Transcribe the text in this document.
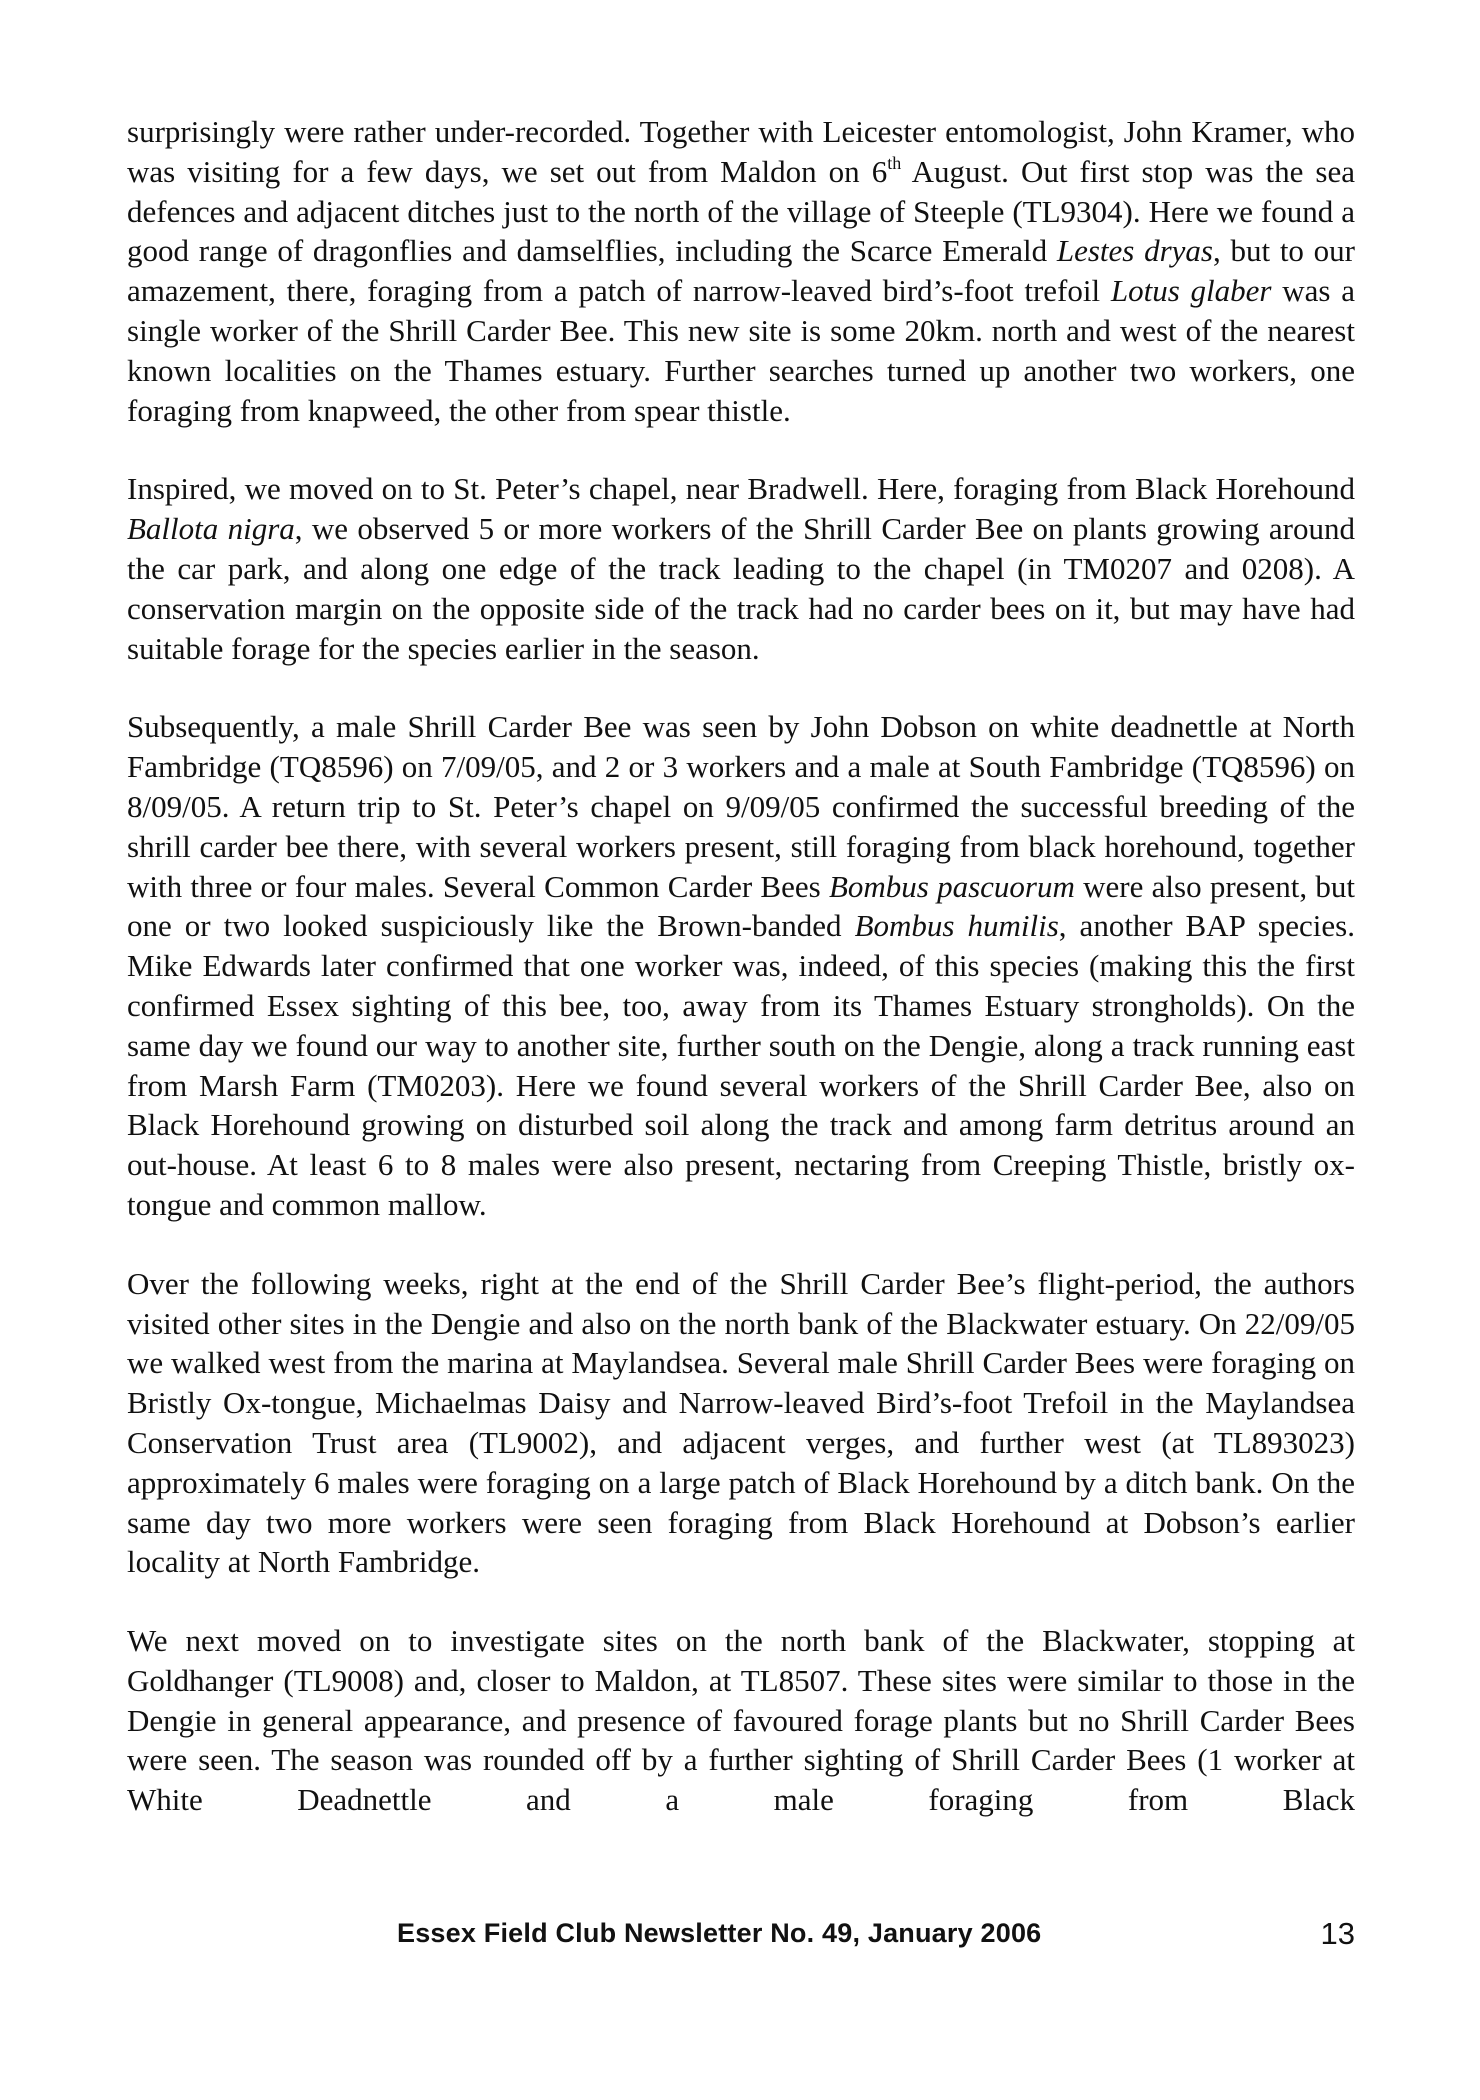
surprisingly were rather under-recorded. Together with Leicester entomologist, John Kramer, who was visiting for a few days, we set out from Maldon on 6th August. Out first stop was the sea defences and adjacent ditches just to the north of the village of Steeple (TL9304). Here we found a good range of dragonflies and damselflies, including the Scarce Emerald Lestes dryas, but to our amazement, there, foraging from a patch of narrow-leaved bird’s-foot trefoil Lotus glaber was a single worker of the Shrill Carder Bee. This new site is some 20km. north and west of the nearest known localities on the Thames estuary. Further searches turned up another two workers, one foraging from knapweed, the other from spear thistle.

Inspired, we moved on to St. Peter’s chapel, near Bradwell. Here, foraging from Black Horehound Ballota nigra, we observed 5 or more workers of the Shrill Carder Bee on plants growing around the car park, and along one edge of the track leading to the chapel (in TM0207 and 0208). A conservation margin on the opposite side of the track had no carder bees on it, but may have had suitable forage for the species earlier in the season.

Subsequently, a male Shrill Carder Bee was seen by John Dobson on white deadnettle at North Fambridge (TQ8596) on 7/09/05, and 2 or 3 workers and a male at South Fambridge (TQ8596) on 8/09/05. A return trip to St. Peter’s chapel on 9/09/05 confirmed the successful breeding of the shrill carder bee there, with several workers present, still foraging from black horehound, together with three or four males. Several Common Carder Bees Bombus pascuorum were also present, but one or two looked suspiciously like the Brown-banded Bombus humilis, another BAP species. Mike Edwards later confirmed that one worker was, indeed, of this species (making this the first confirmed Essex sighting of this bee, too, away from its Thames Estuary strongholds). On the same day we found our way to another site, further south on the Dengie, along a track running east from Marsh Farm (TM0203). Here we found several workers of the Shrill Carder Bee, also on Black Horehound growing on disturbed soil along the track and among farm detritus around an out-house. At least 6 to 8 males were also present, nectaring from Creeping Thistle, bristly ox-tongue and common mallow.

Over the following weeks, right at the end of the Shrill Carder Bee’s flight-period, the authors visited other sites in the Dengie and also on the north bank of the Blackwater estuary. On 22/09/05 we walked west from the marina at Maylandsea. Several male Shrill Carder Bees were foraging on Bristly Ox-tongue, Michaelmas Daisy and Narrow-leaved Bird’s-foot Trefoil in the Maylandsea Conservation Trust area (TL9002), and adjacent verges, and further west (at TL893023) approximately 6 males were foraging on a large patch of Black Horehound by a ditch bank. On the same day two more workers were seen foraging from Black Horehound at Dobson’s earlier locality at North Fambridge.

We next moved on to investigate sites on the north bank of the Blackwater, stopping at Goldhanger (TL9008) and, closer to Maldon, at TL8507. These sites were similar to those in the Dengie in general appearance, and presence of favoured forage plants but no Shrill Carder Bees were seen. The season was rounded off by a further sighting of Shrill Carder Bees (1 worker at White Deadnettle and a male foraging from Black

Essex Field Club Newsletter No. 49, January 2006	13
